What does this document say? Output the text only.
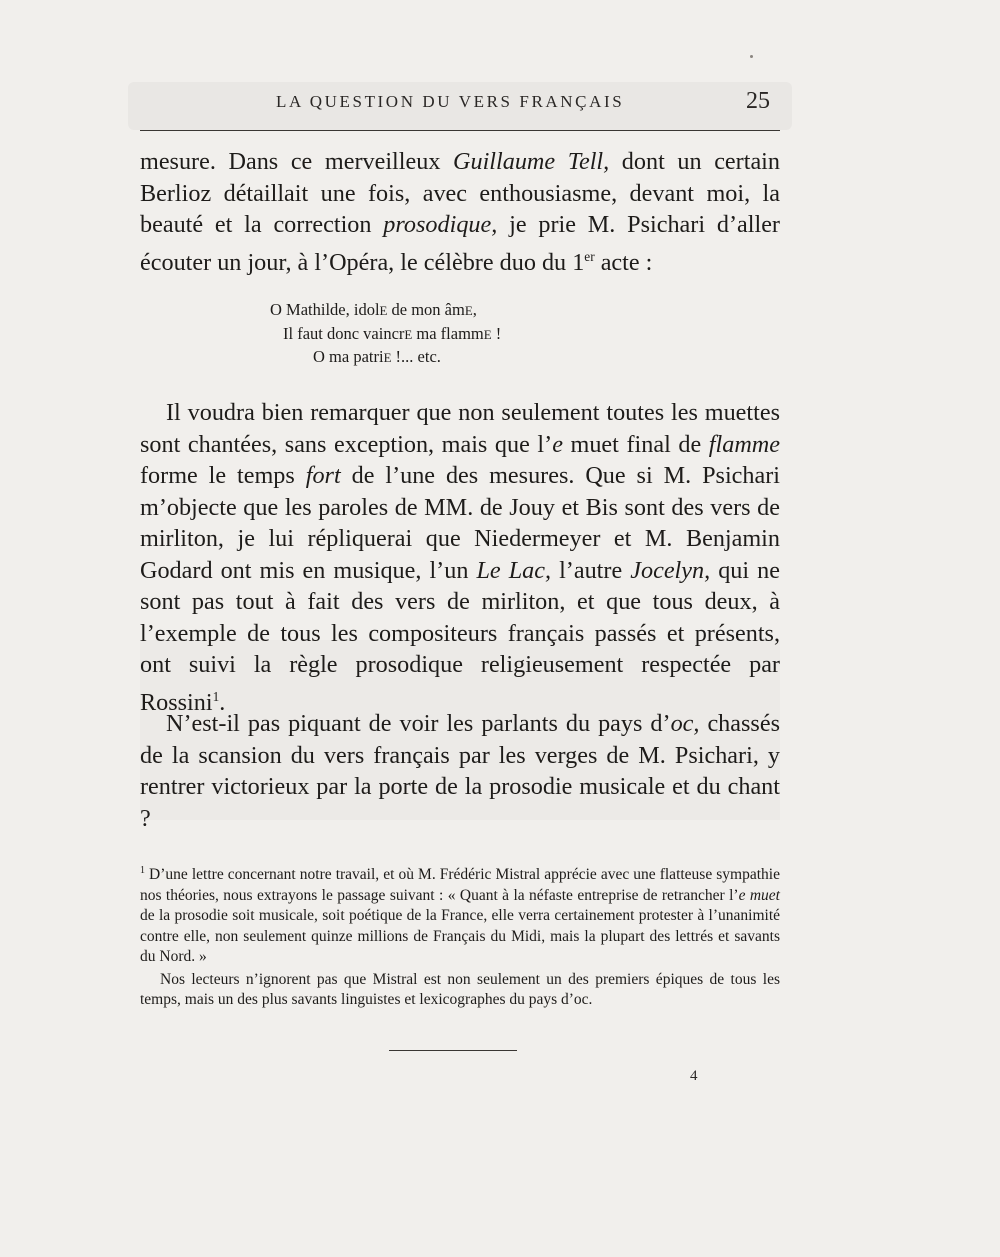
LA QUESTION DU VERS FRANÇAIS	25

mesure. Dans ce merveilleux Guillaume Tell, dont un certain Berlioz détaillait une fois, avec enthousiasme, devant moi, la beauté et la correction prosodique, je prie M. Psichari d’aller écouter un jour, à l’Opéra, le célèbre duo du 1er acte :

O Mathilde, idolE de mon âmE,
Il faut donc vaincrE ma flammE !
O ma patriE !... etc.

Il voudra bien remarquer que non seulement toutes les muettes sont chantées, sans exception, mais que l’e muet final de flamme forme le temps fort de l’une des mesures. Que si M. Psichari m’objecte que les paroles de MM. de Jouy et Bis sont des vers de mirliton, je lui répliquerai que Niedermeyer et M. Benjamin Godard ont mis en musique, l’un Le Lac, l’autre Jocelyn, qui ne sont pas tout à fait des vers de mirliton, et que tous deux, à l’exemple de tous les compositeurs français passés et présents, ont suivi la règle prosodique religieusement respectée par Rossini$^1$.

N’est-il pas piquant de voir les parlants du pays d’oc, chassés de la scansion du vers français par les verges de M. Psichari, y rentrer victorieux par la porte de la prosodie musicale et du chant ?

$^1$ D’une lettre concernant notre travail, et où M. Frédéric Mistral apprécie avec une flatteuse sympathie nos théories, nous extrayons le passage suivant : « Quant à la néfaste entreprise de retrancher l’e muet de la prosodie soit musicale, soit poétique de la France, elle verra certainement protester à l’unanimité contre elle, non seulement quinze millions de Français du Midi, mais la plupart des lettrés et savants du Nord. »

Nos lecteurs n’ignorent pas que Mistral est non seulement un des premiers épiques de tous les temps, mais un des plus savants linguistes et lexicographes du pays d’oc.

4
